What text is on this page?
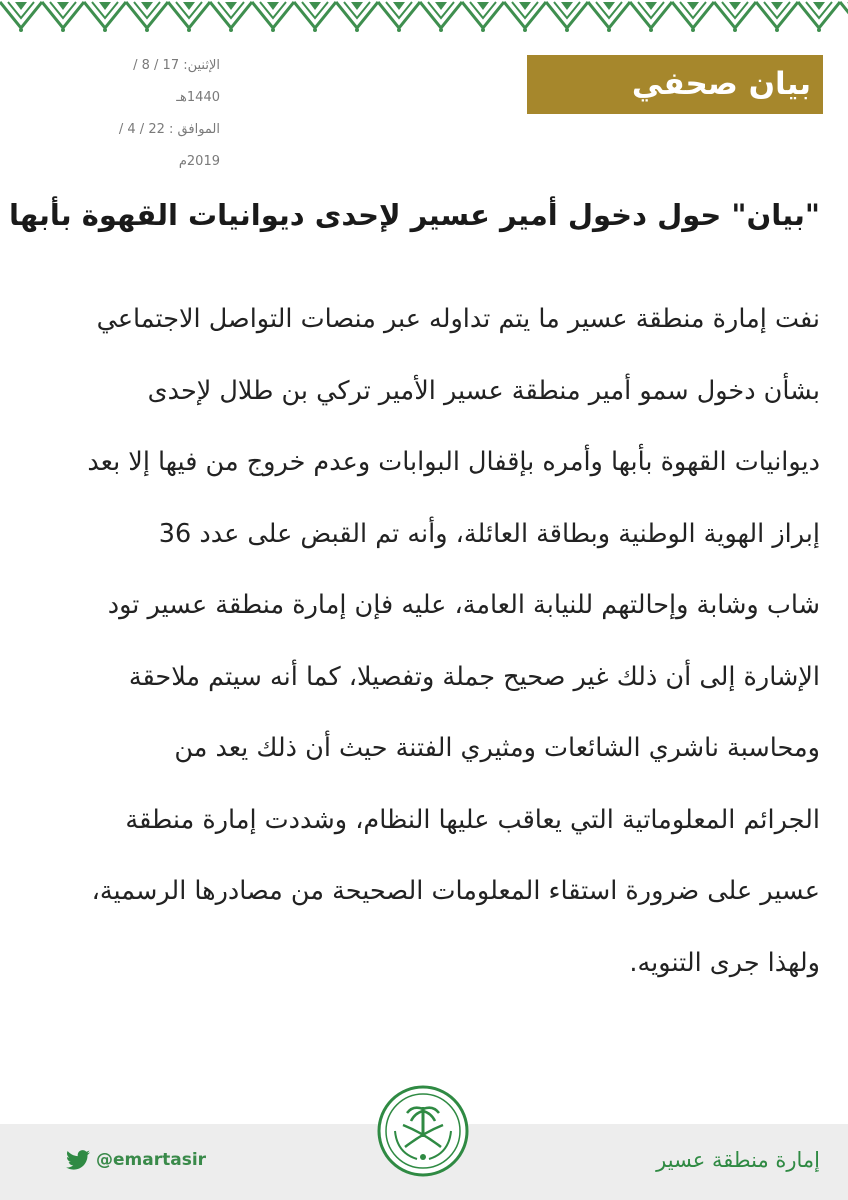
الإثنين: 17 / 8 / 1440هـ
الموافق : 22 / 4 / 2019م
بيان صحفي
"بيان" حول دخول أمير عسير لإحدى ديوانيات القهوة بأبها
نفت إمارة منطقة عسير ما يتم تداوله عبر منصات التواصل الاجتماعي
بشأن دخول سمو أمير منطقة عسير الأمير تركي بن طلال لإحدى
ديوانيات القهوة بأبها وأمره بإقفال البوابات وعدم خروج من فيها إلا بعد
إبراز الهوية الوطنية وبطاقة العائلة، وأنه تم القبض على عدد 36
شاب وشابة وإحالتهم للنيابة العامة، عليه فإن إمارة منطقة عسير تود
الإشارة إلى أن ذلك غير صحيح جملة وتفصيلا، كما أنه سيتم ملاحقة
ومحاسبة ناشري الشائعات ومثيري الفتنة حيث أن ذلك يعد من
الجرائم المعلوماتية التي يعاقب عليها النظام، وشددت إمارة منطقة
عسير على ضرورة استقاء المعلومات الصحيحة من مصادرها الرسمية،
ولهذا جرى التنويه.
@emartasir	إمارة منطقة عسير
